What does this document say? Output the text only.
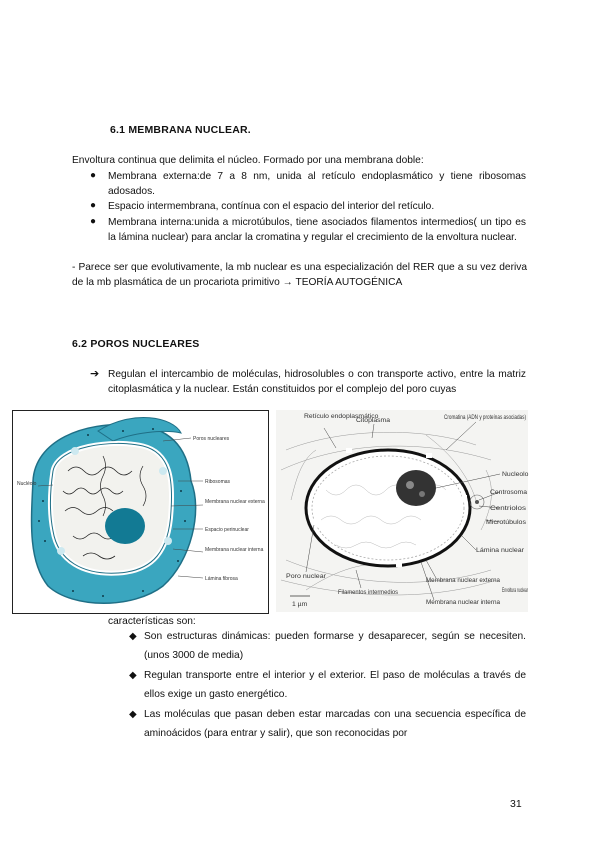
6.1 MEMBRANA NUCLEAR.
Envoltura continua que delimita el núcleo. Formado por una membrana doble:
● Membrana externa:de 7 a 8 nm, unida al retículo endoplasmático y tiene ribosomas adosados.
● Espacio intermembrana, contínua con el espacio del interior del retículo.
● Membrana interna:unida a microtúbulos, tiene asociados filamentos intermedios( un tipo es la lámina nuclear) para anclar la cromatina y regular el crecimiento de la envoltura nuclear.
- Parece ser que evolutivamente, la mb nuclear es una especialización del RER que a su vez deriva de la mb plasmática de un procariota primitivo → TEORÍA AUTOGÉNICA
6.2 POROS NUCLEARES
➔ Regulan el intercambio de moléculas, hidrosolubles o con transporte activo, entre la matriz citoplasmática y la nuclear. Están constituidos por el complejo del poro cuyas
Poros nucleares
Nucléolo	Ribosomas
Membrana nuclear externa
Espacio perinuclear
Membrana nuclear interna
Lámina fibrosa
Retículo endoplasmático
Citoplasma	Cromatina (ADN y proteínas asociadas)
Nucleolo
Centrosoma
Centriolos
Microtúbulos
Lámina nuclear
Poro nuclear
Filamentos intermedios
Membrana nuclear externa
Membrana nuclear interna
Envoltura nuclear
1 µm
características son:
◆ Son estructuras dinámicas: pueden formarse y desaparecer, según se necesiten.(unos 3000 de media)
◆ Regulan transporte entre el interior y el exterior. El paso de moléculas a través de ellos exige un gasto energético.
◆ Las moléculas que pasan deben estar marcadas con una secuencia específica de aminoácidos (para entrar y salir), que son reconocidas por
31
